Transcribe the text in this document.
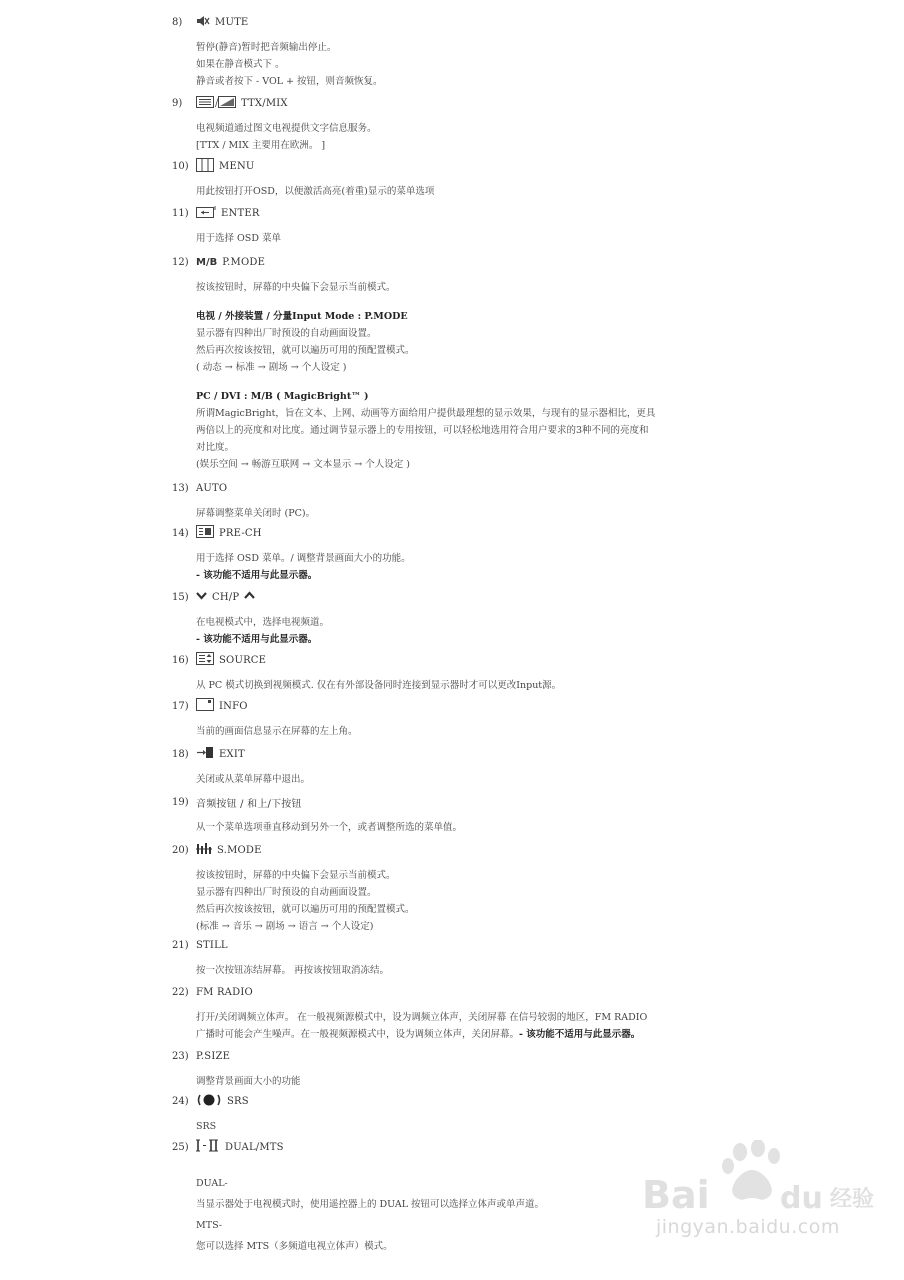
8)	MUTE

暂停(静音)暂时把音频输出停止。

如果在静音模式下 。

静音或者按下 - VOL + 按钮，则音频恢复。

9)	/ TTX/MIX

电视频道通过图文电视提供文字信息服务。

[TTX / MIX 主要用在欧洲。 ]

10)	MENU

用此按钮打开OSD，以便激活高亮(着重)显示的菜单选项

11)	ENTER

用于选择 OSD 菜单

12) M/B P.MODE

按该按钮时，屏幕的中央偏下会显示当前模式。

电视 / 外接装置 / 分量Input Mode : P.MODE

显示器有四种出厂时预设的自动画面设置。

然后再次按该按钮，就可以遍历可用的预配置模式。

( 动态 → 标准 → 剧场 → 个人设定 )

PC / DVI : M/B ( MagicBright™ )

所谓MagicBright，旨在文本、上网、动画等方面给用户提供最理想的显示效果，与现有的显示器相比，更具

两倍以上的亮度和对比度。通过调节显示器上的专用按钮，可以轻松地选用符合用户要求的3种不同的亮度和

对比度。

(娱乐空间 → 畅游互联网 → 文本显示 → 个人设定 )

13) AUTO

屏幕调整菜单关闭时 (PC)。

14)	PRE-CH

用于选择 OSD 菜单。/ 调整背景画面大小的功能。

- 该功能不适用与此显示器。

15)	CH/P

在电视模式中，选择电视频道。

- 该功能不适用与此显示器。

16)	SOURCE

从 PC 模式切换到视频模式. 仅在有外部设备同时连接到显示器时才可以更改Input源。

17)	INFO

当前的画面信息显示在屏幕的左上角。

18)	EXIT

关闭或从菜单屏幕中退出。

19) 音频按钮 / 和上/下按钮

从一个菜单选项垂直移动到另外一个，或者调整所选的菜单值。

20)	S.MODE

按该按钮时，屏幕的中央偏下会显示当前模式。

显示器有四种出厂时预设的自动画面设置。

然后再次按该按钮，就可以遍历可用的预配置模式。

(标准 → 音乐 → 剧场 → 语言 → 个人设定)

21) STILL

按一次按钮冻结屏幕。 再按该按钮取消冻结。

22) FM RADIO

打开/关闭调频立体声。 在一般视频源模式中，设为调频立体声，关闭屏幕 在信号较弱的地区，FM RADIO

广播时可能会产生噪声。在一般视频源模式中，设为调频立体声，关闭屏幕。- 该功能不适用与此显示器。

23) P.SIZE

调整背景画面大小的功能

24)	SRS

SRS

25)	DUAL/MTS

DUAL-

当显示器处于电视模式时，使用遥控器上的 DUAL 按钮可以选择立体声或单声道。

MTS-

您可以选择 MTS（多频道电视立体声）模式。

Bai du 经验
jingyan.baidu.com
